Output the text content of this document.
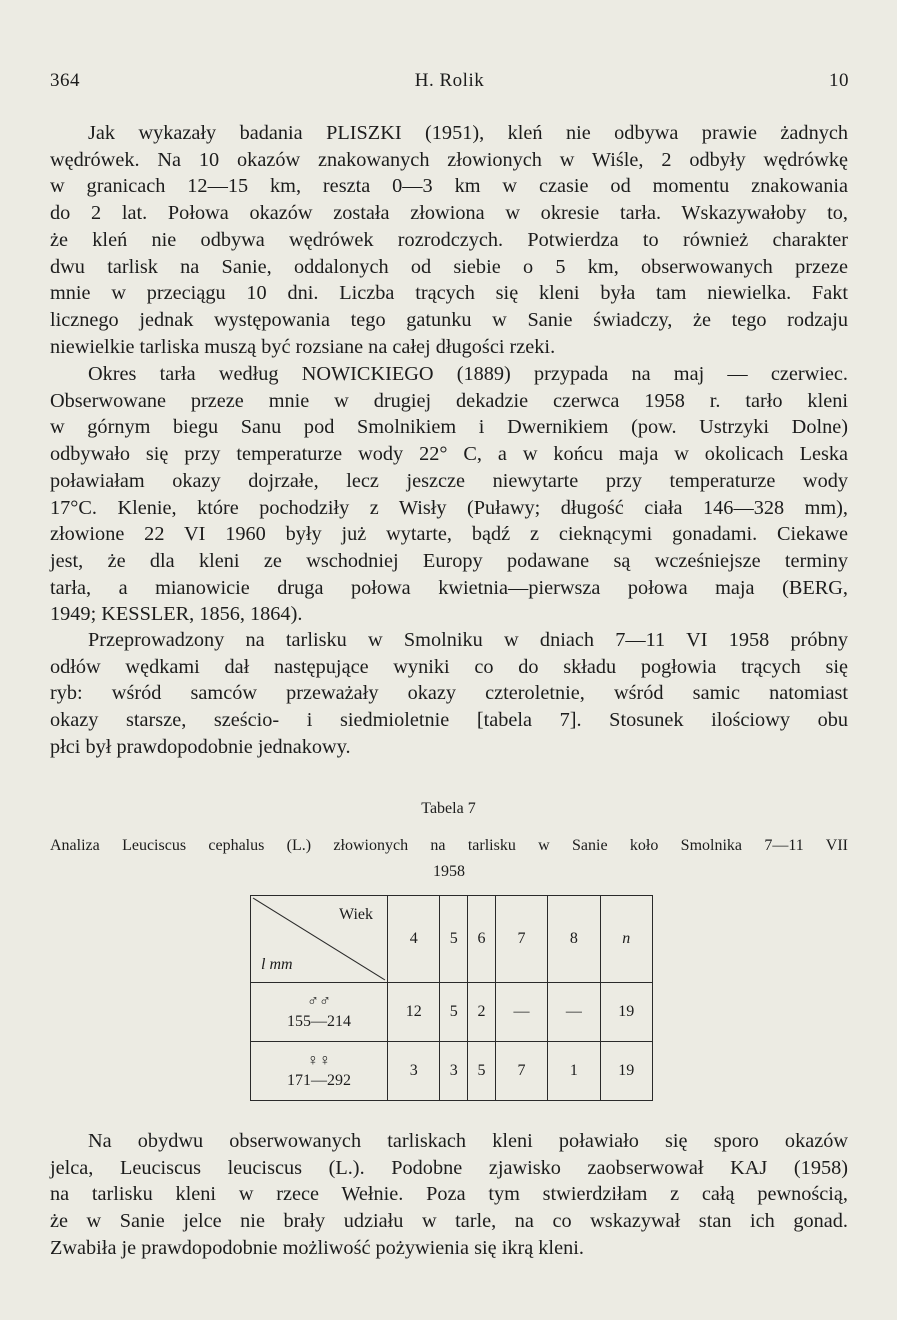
364	H. Rolik	10
Jak wykazały badania PLISZKI (1951), kleń nie odbywa prawie żadnych
wędrówek. Na 10 okazów znakowanych złowionych w Wiśle, 2 odbyły wędrówkę
w granicach 12—15 km, reszta 0—3 km w czasie od momentu znakowania
do 2 lat. Połowa okazów została złowiona w okresie tarła. Wskazywałoby to,
że kleń nie odbywa wędrówek rozrodczych. Potwierdza to również charakter
dwu tarlisk na Sanie, oddalonych od siebie o 5 km, obserwowanych przeze
mnie w przeciągu 10 dni. Liczba trących się kleni była tam niewielka. Fakt
licznego jednak występowania tego gatunku w Sanie świadczy, że tego rodzaju
niewielkie tarliska muszą być rozsiane na całej długości rzeki.
Okres tarła według NOWICKIEGO (1889) przypada na maj — czerwiec.
Obserwowane przeze mnie w drugiej dekadzie czerwca 1958 r. tarło kleni
w górnym biegu Sanu pod Smolnikiem i Dwernikiem (pow. Ustrzyki Dolne)
odbywało się przy temperaturze wody 22° C, a w końcu maja w okolicach Leska
poławiałam okazy dojrzałe, lecz jeszcze niewytarte przy temperaturze wody
17°C. Klenie, które pochodziły z Wisły (Puławy; długość ciała 146—328 mm),
złowione 22 VI 1960 były już wytarte, bądź z cieknącymi gonadami. Ciekawe
jest, że dla kleni ze wschodniej Europy podawane są wcześniejsze terminy
tarła, a mianowicie druga połowa kwietnia—pierwsza połowa maja (BERG,
1949; KESSLER, 1856, 1864).
Przeprowadzony na tarlisku w Smolniku w dniach 7—11 VI 1958 próbny
odłów wędkami dał następujące wyniki co do składu pogłowia trących się
ryb: wśród samców przeważały okazy czteroletnie, wśród samic natomiast
okazy starsze, sześcio- i siedmioletnie [tabela 7]. Stosunek ilościowy obu
płci był prawdopodobnie jednakowy.
Tabela 7
Analiza Leuciscus cephalus (L.) złowionych na tarlisku w Sanie koło Smolnika 7—11 VII
1958
Wiek
l mm	4	5	6	7	8	n

♂♂
155—214	12	5	2	—	—	19

♀♀
171—292	3	3	5	7	1	19
Na obydwu obserwowanych tarliskach kleni poławiało się sporo okazów
jelca, Leuciscus leuciscus (L.). Podobne zjawisko zaobserwował KAJ (1958)
na tarlisku kleni w rzece Wełnie. Poza tym stwierdziłam z całą pewnością,
że w Sanie jelce nie brały udziału w tarle, na co wskazywał stan ich gonad.
Zwabiła je prawdopodobnie możliwość pożywienia się ikrą kleni.
